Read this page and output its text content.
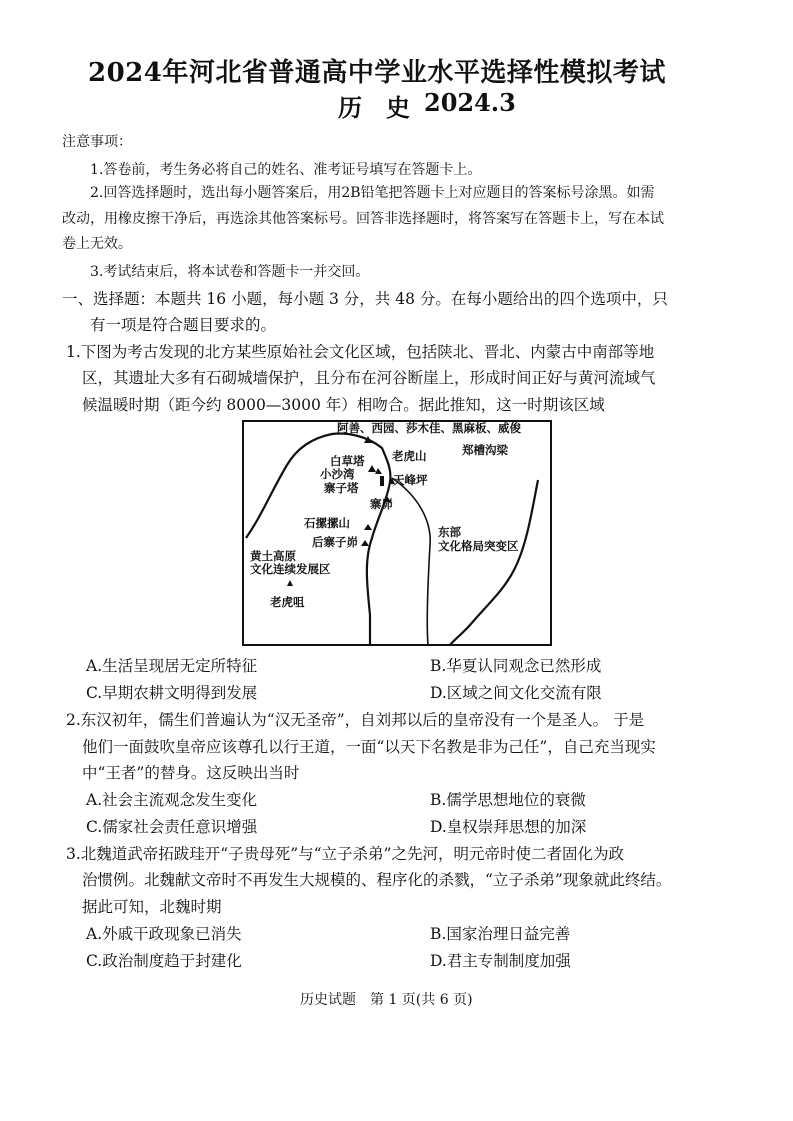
2024年河北省普通高中学业水平选择性模拟考试
历　史 2024.3
注意事项：
1.答卷前，考生务必将自己的姓名、准考证号填写在答题卡上。
2.回答选择题时，选出每小题答案后，用2B铅笔把答题卡上对应题目的答案标号涂黑。如需
改动，用橡皮擦干净后，再选涂其他答案标号。回答非选择题时，将答案写在答题卡上，写在本试
卷上无效。
3.考试结束后，将本试卷和答题卡一并交回。
一、选择题：本题共 16 小题，每小题 3 分，共 48 分。在每小题给出的四个选项中，只
有一项是符合题目要求的。
1.下图为考古发现的北方某些原始社会文化区域，包括陕北、晋北、内蒙古中南部等地
区，其遗址大多有石砌城墙保护，且分布在河谷断崖上，形成时间正好与黄河流域气
候温暖时期（距今约 8000—3000 年）相吻合。据此推知，这一时期该区域
阿善、西园、莎木佳、黑麻板、威俊
郑槽沟梁
白草塔 老虎山
小沙湾	天峰坪
寨子塔
寨峁
石摞摞山
后寨子峁
东部
文化格局突变区
黄土高原
文化连续发展区
老虎咀
A.生活呈现居无定所特征	B.华夏认同观念已然形成
C.早期农耕文明得到发展	D.区域之间文化交流有限
2.东汉初年，儒生们普遍认为“汉无圣帝”，自刘邦以后的皇帝没有一个是圣人。 于是
他们一面鼓吹皇帝应该尊孔以行王道，一面“以天下名教是非为己任”，自己充当现实
中“王者”的替身。这反映出当时
A.社会主流观念发生变化	B.儒学思想地位的衰微
C.儒家社会责任意识增强	D.皇权崇拜思想的加深
3.北魏道武帝拓跋珪开“子贵母死”与“立子杀弟”之先河，明元帝时使二者固化为政
治惯例。北魏献文帝时不再发生大规模的、程序化的杀戮，“立子杀弟”现象就此终结。
据此可知，北魏时期
A.外戚干政现象已消失	B.国家治理日益完善
C.政治制度趋于封建化	D.君主专制制度加强
历史试题　第 1 页(共 6 页)
